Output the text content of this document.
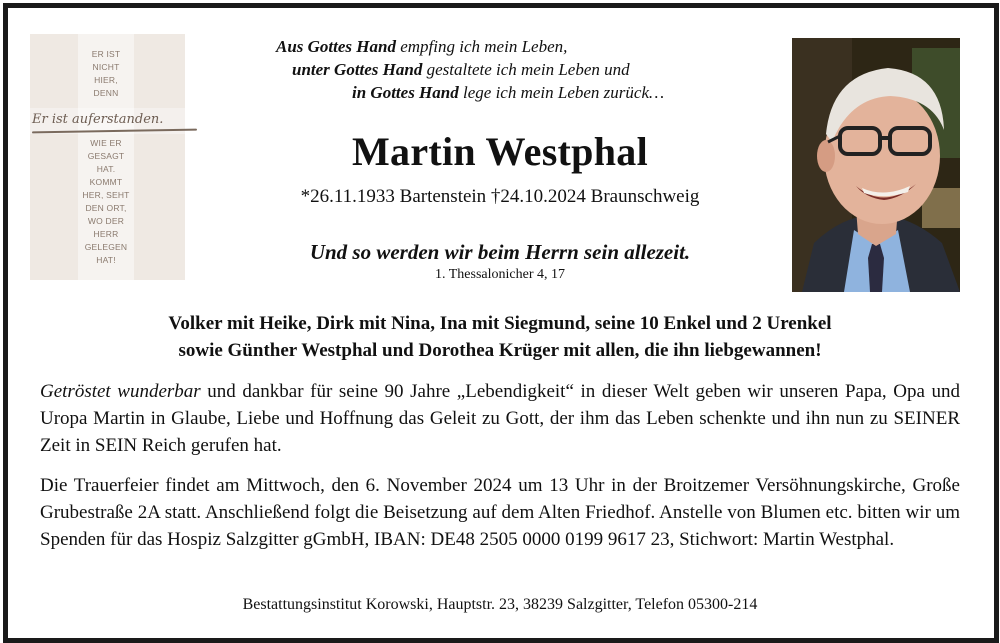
ER IST
NICHT
HIER,
DENN
Er ist auferstanden.
WIE ER
GESAGT
HAT.
KOMMT
HER, SEHT
DEN ORT,
WO DER
HERR
GELEGEN
HAT!
Aus Gottes Hand empfing ich mein Leben,
unter Gottes Hand gestaltete ich mein Leben und
in Gottes Hand lege ich mein Leben zurück…
Martin Westphal
*26.11.1933 Bartenstein †24.10.2024 Braunschweig
Und so werden wir beim Herrn sein allezeit.
1. Thessalonicher 4, 17
Volker mit Heike, Dirk mit Nina, Ina mit Siegmund, seine 10 Enkel und 2 Urenkel
sowie Günther Westphal und Dorothea Krüger mit allen, die ihn liebgewannen!
Getröstet wunderbar und dankbar für seine 90 Jahre „Lebendigkeit“ in dieser Welt geben wir unseren Papa, Opa und Uropa Martin in Glaube, Liebe und Hoffnung das Geleit zu Gott, der ihm das Leben schenkte und ihn nun zu SEINER Zeit in SEIN Reich gerufen hat.
Die Trauerfeier findet am Mittwoch, den 6. November 2024 um 13 Uhr in der Broitzemer Versöhnungskirche, Große Grubestraße 2A statt. Anschließend folgt die Beisetzung auf dem Alten Friedhof. Anstelle von Blumen etc. bitten wir um Spenden für das Hospiz Salzgitter gGmbH, IBAN: DE48 2505 0000 0199 9617 23, Stichwort: Martin Westphal.
Bestattungsinstitut Korowski, Hauptstr. 23, 38239 Salzgitter, Telefon 05300-214
